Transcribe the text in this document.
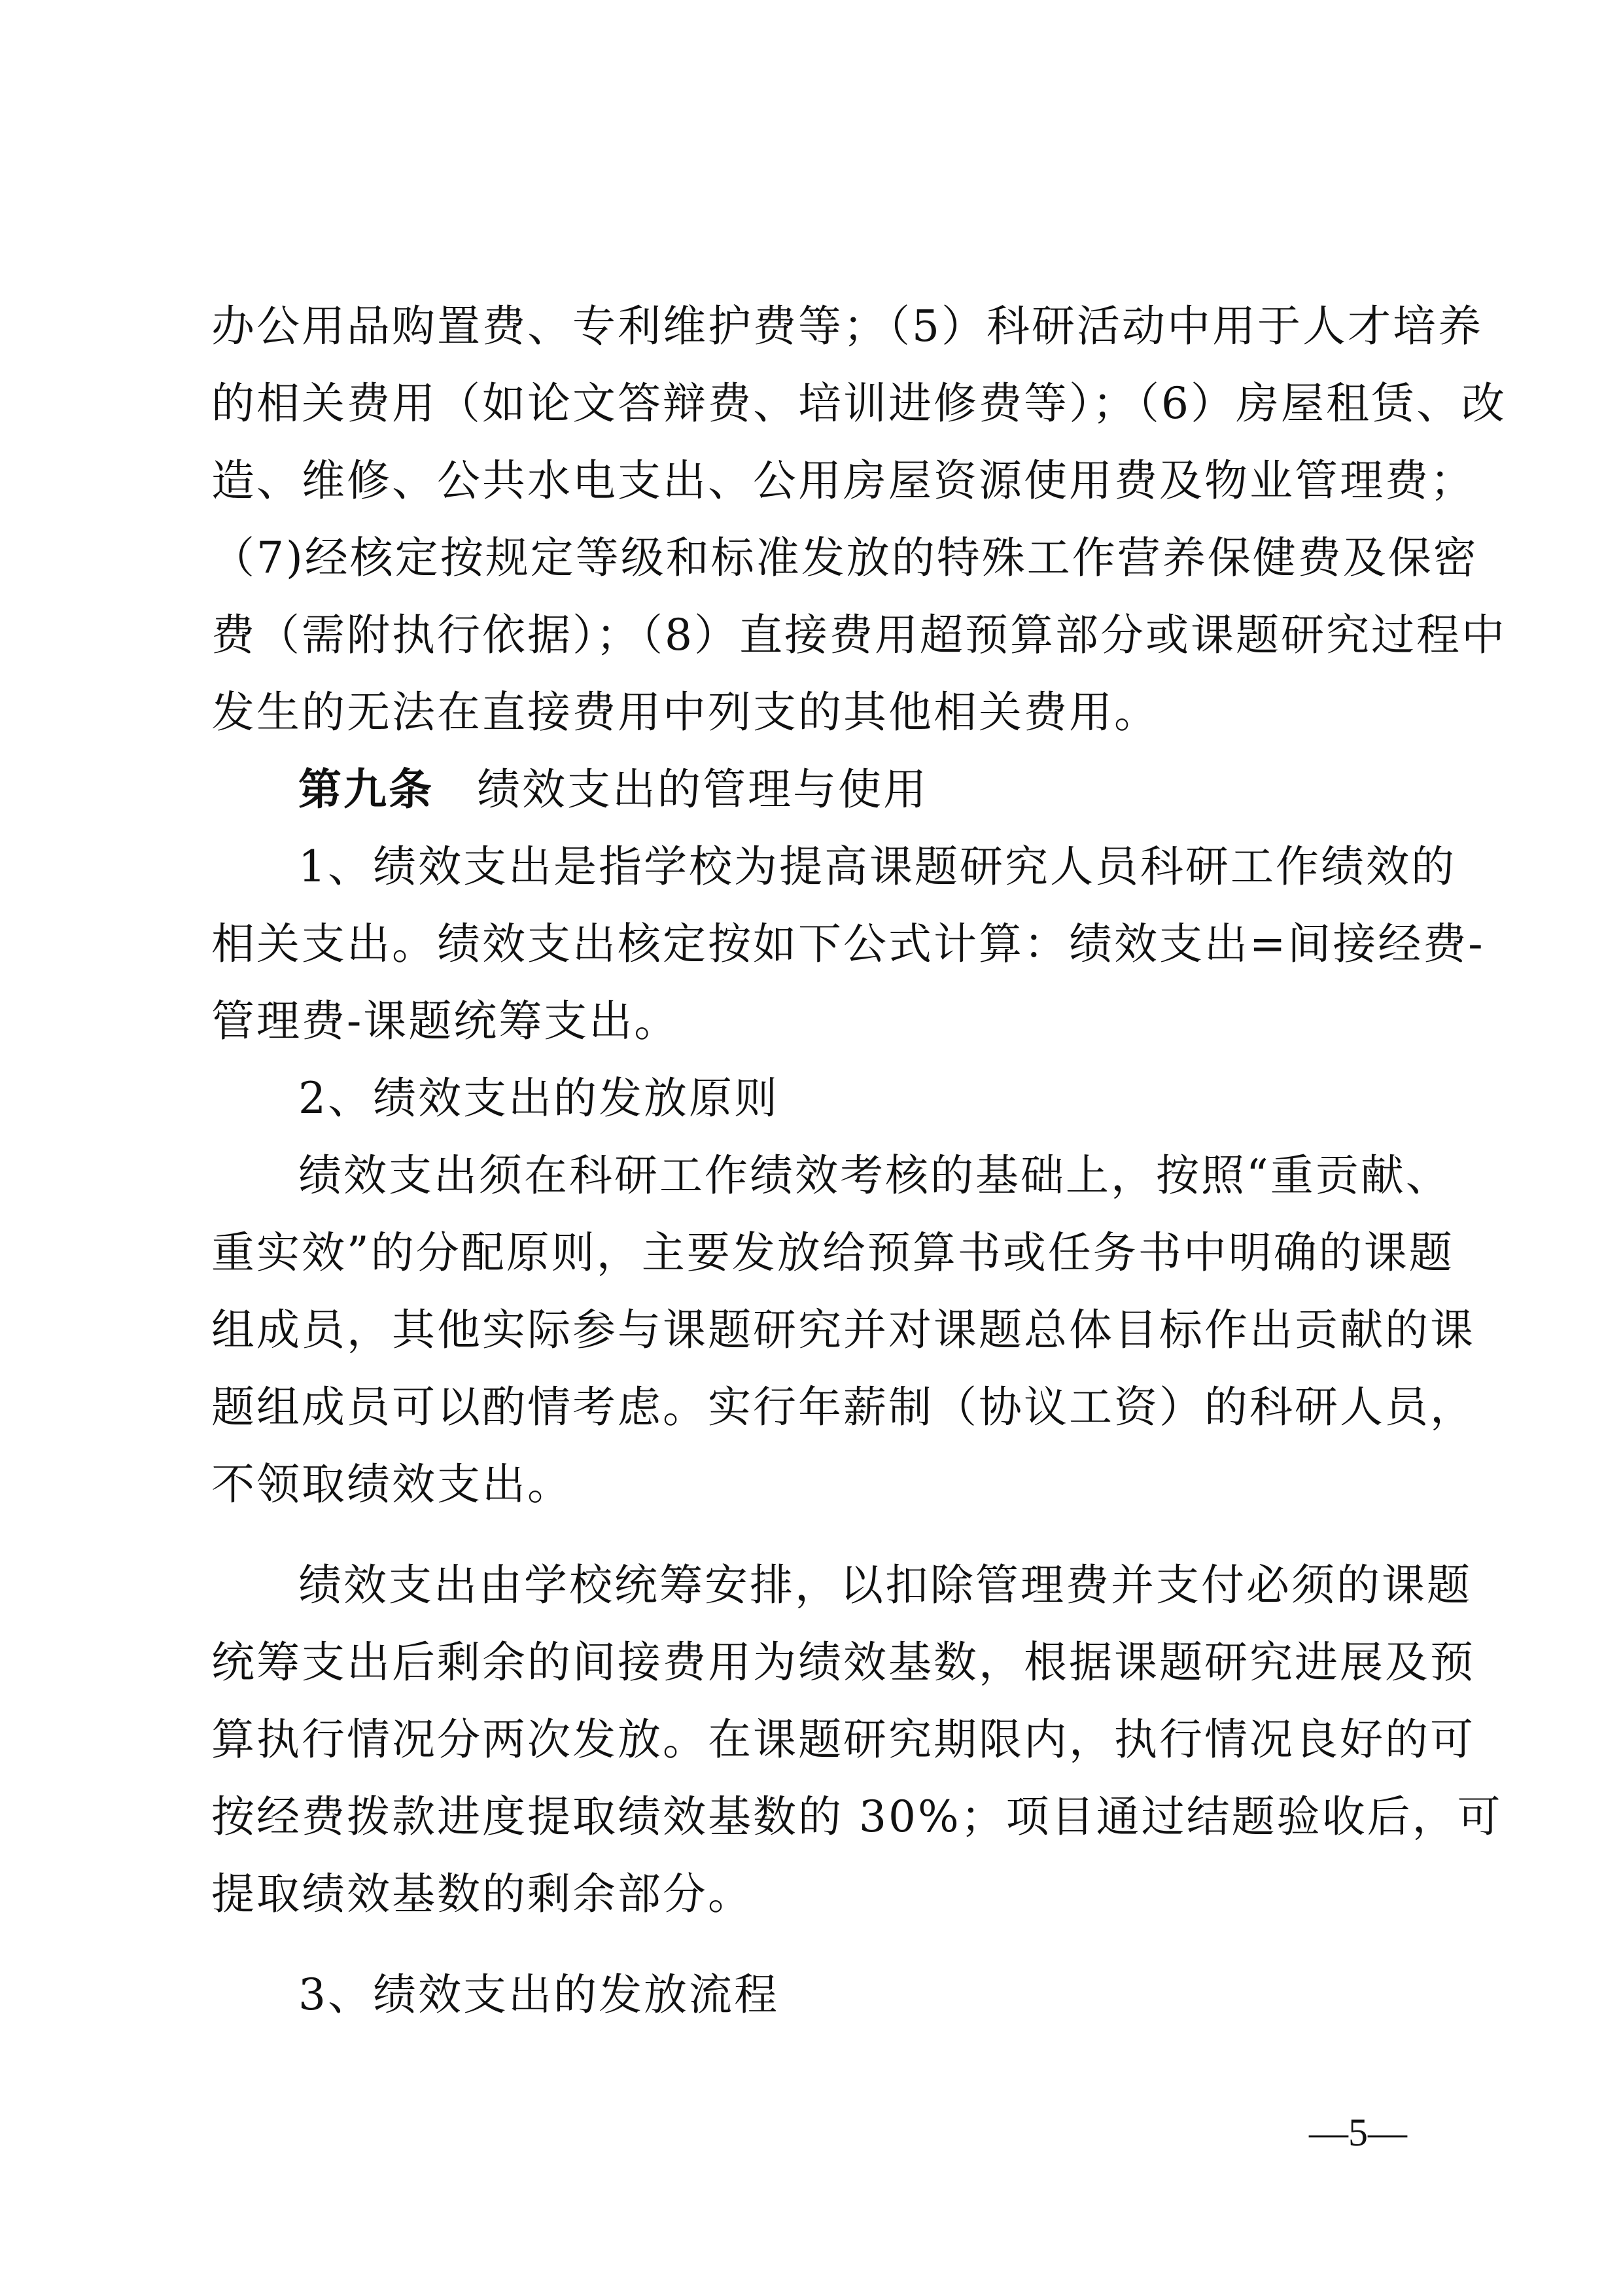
办公用品购置费、专利维护费等；（5）科研活动中用于人才培养
的相关费用（如论文答辩费、培训进修费等）；（6）房屋租赁、改
造、维修、公共水电支出、公用房屋资源使用费及物业管理费；
（7)经核定按规定等级和标准发放的特殊工作营养保健费及保密
费（需附执行依据）；（8）直接费用超预算部分或课题研究过程中
发生的无法在直接费用中列支的其他相关费用。
第九条 绩效支出的管理与使用
1、绩效支出是指学校为提高课题研究人员科研工作绩效的
相关支出。绩效支出核定按如下公式计算：绩效支出=间接经费-
管理费-课题统筹支出。
2、绩效支出的发放原则
绩效支出须在科研工作绩效考核的基础上，按照“重贡献、
重实效”的分配原则，主要发放给预算书或任务书中明确的课题
组成员，其他实际参与课题研究并对课题总体目标作出贡献的课
题组成员可以酌情考虑。实行年薪制（协议工资）的科研人员，
不领取绩效支出。
绩效支出由学校统筹安排，以扣除管理费并支付必须的课题
统筹支出后剩余的间接费用为绩效基数，根据课题研究进展及预
算执行情况分两次发放。在课题研究期限内，执行情况良好的可
按经费拨款进度提取绩效基数的 30%；项目通过结题验收后，可
提取绩效基数的剩余部分。
3、绩效支出的发放流程
—5—
